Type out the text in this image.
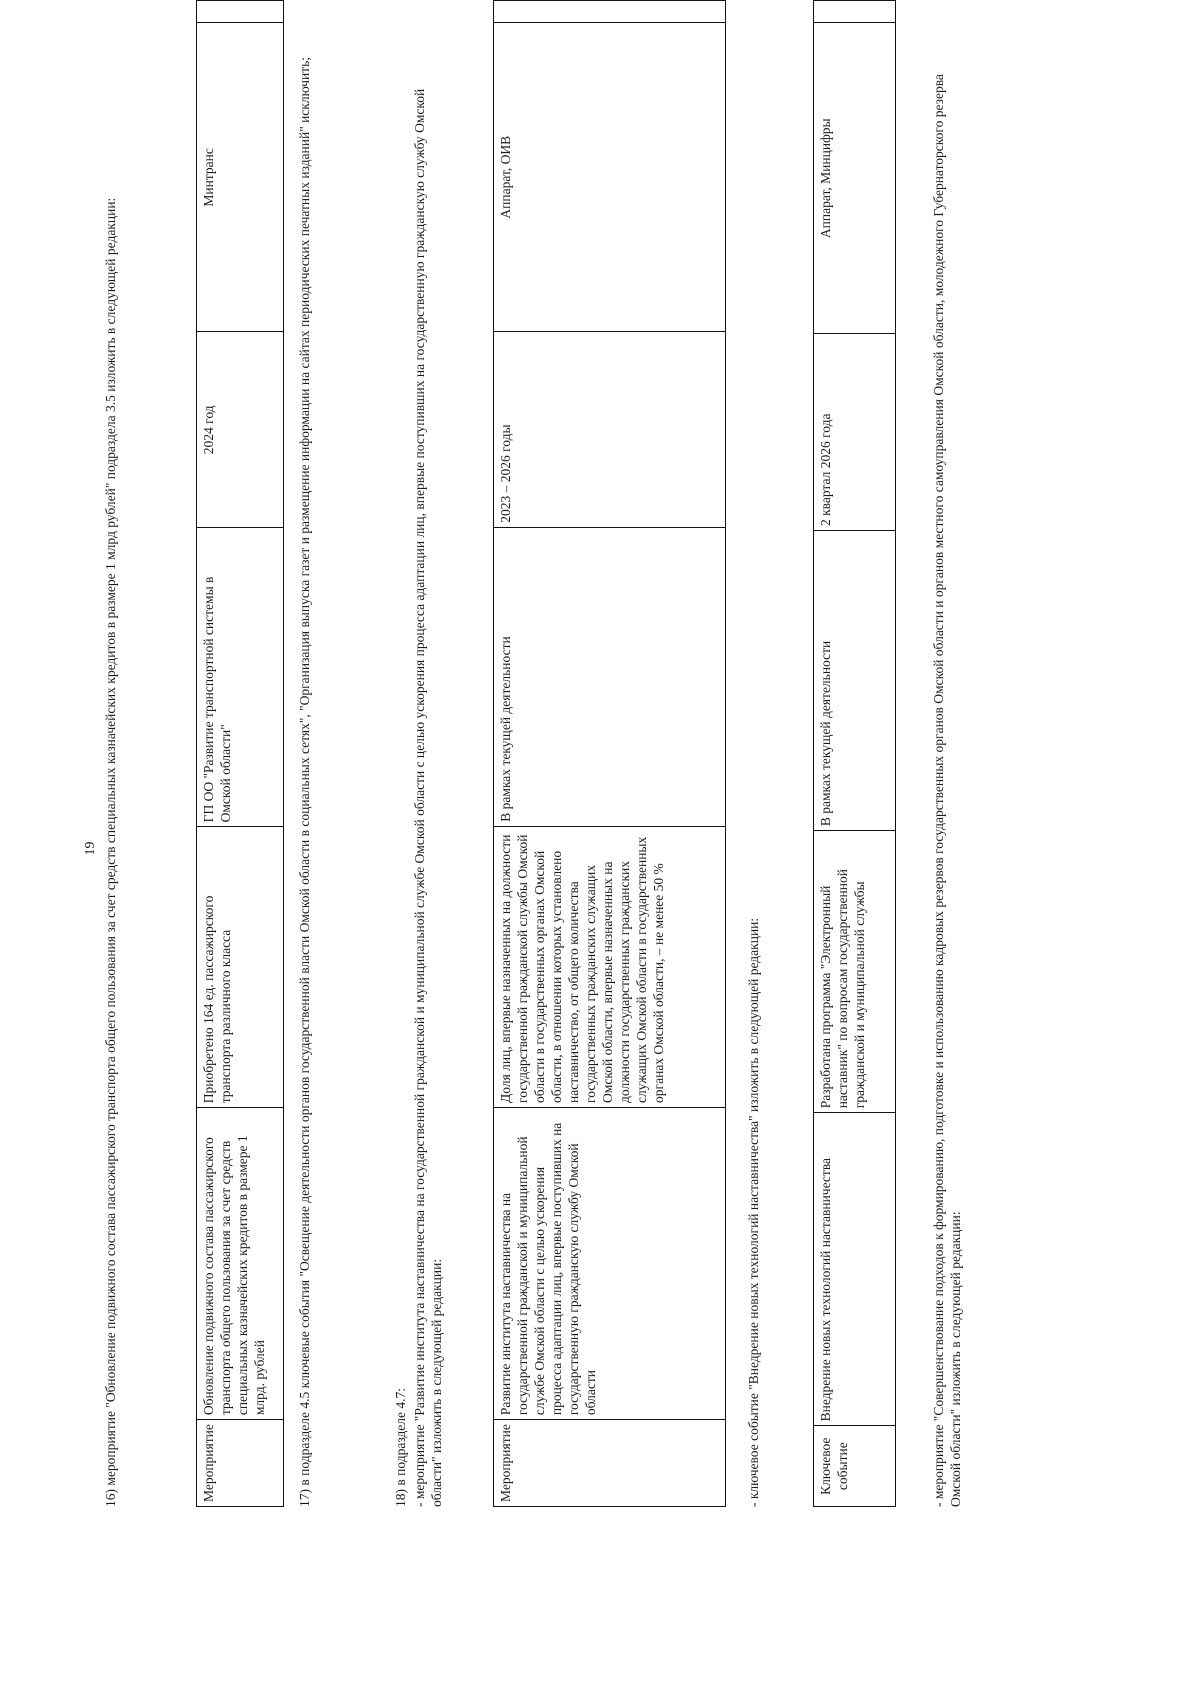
19 16) мероприятие "Обновление подвижного состава пассажирского транспорта общего пользования за счет средств специальных казначейских кредитов в размере 1 млрд рублей" подраздела 3.5 изложить в следующей редакции:	Мероприятие	Обновление подвижного состава пассажирского транспорта общего пользования за счет средств специальных казначейских кредитов в размере 1 млрд. рублей	Приобретено 164 ед. пассажирского транспорта различного класса	ГП ОО "Развитие транспортной системы в Омской области"	2024 год	Минтранс		17) в подразделе 4.5 ключевые события "Освещение деятельности органов государственной власти Омской области в социальных сетях", "Организация выпуска газет и размещение информации на сайтах периодических печатных изданий" исключить;	18) в подразделе 4.7: - мероприятие "Развитие института наставничества на государственной гражданской и муниципальной службе Омской области с целью ускорения процесса адаптации лиц, впервые поступивших на государственную гражданскую службу Омской области" изложить в следующей редакции:	Мероприятие	Развитие института наставничества на государственной гражданской и муниципальной службе Омской области с целью ускорения процесса адаптации лиц, впервые поступивших на государственную гражданскую службу Омской области	Доля лиц, впервые назначенных на должности государственной гражданской службы Омской области в государственных органах Омской области, в отношении которых установлено наставничество, от общего количества государственных гражданских служащих Омской области, впервые назначенных на должности государственных гражданских служащих Омской области в государственных органах Омской области, – не менее 50 %	В рамках текущей деятельности	2023 – 2026 годы	Аппарат, ОИВ	
- ключевое событие "Внедрение новых технологий наставничества" изложить в следующей редакции:	Ключевое событие	Внедрение новых технологий наставничества	Разработана программа "Электронный наставник" по вопросам государственной гражданской и муниципальной службы	В рамках текущей деятельности	2 квартал 2026 года	Аппарат, Минцифры		- мероприятие "Совершенствование подходов к формированию, подготовке и использованию кадровых резервов государственных органов Омской области и органов местного самоуправления Омской области, молодежного Губернаторского резерва Омской области" изложить в следующей редакции:
